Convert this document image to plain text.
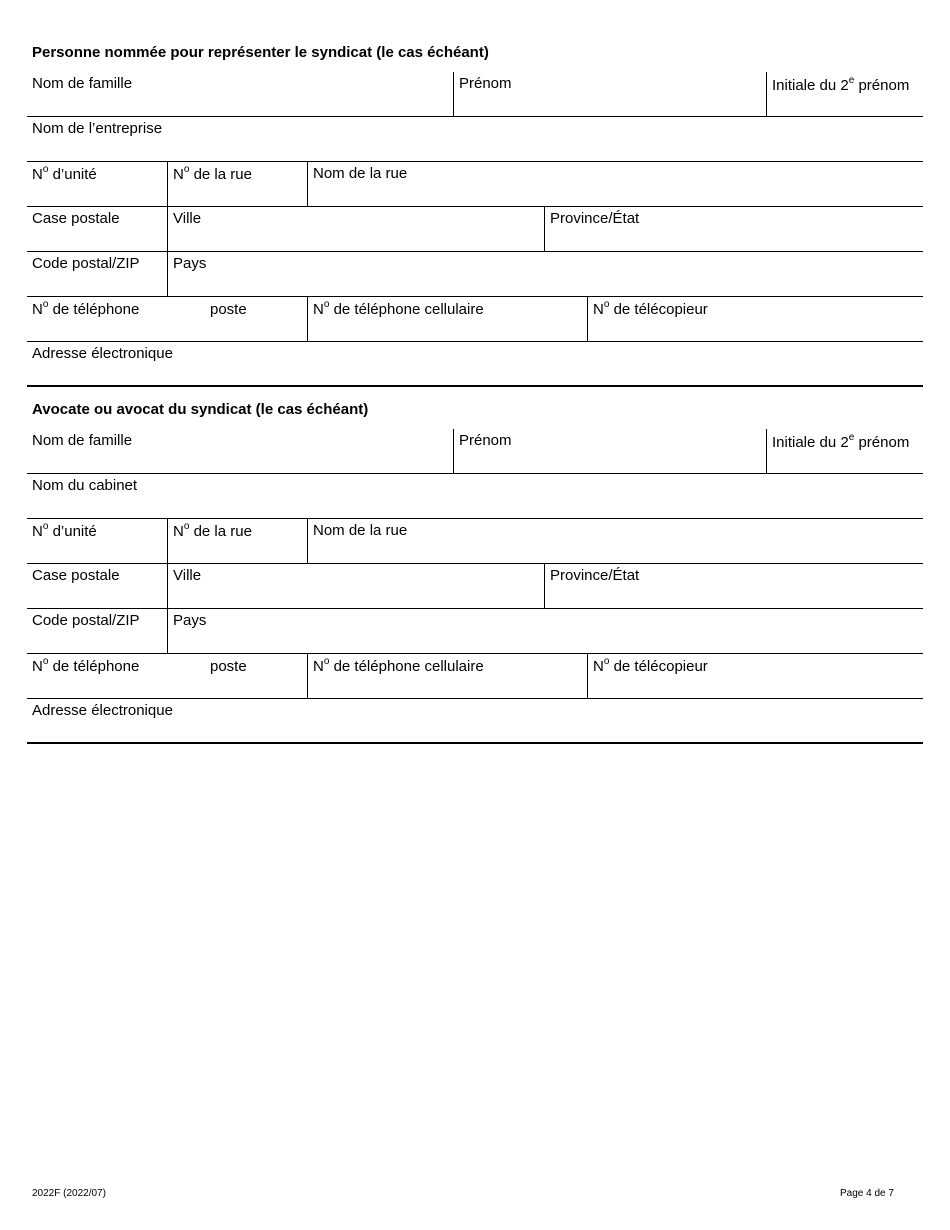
Personne nommée pour représenter le syndicat (le cas échéant)
Nom de famille	Prénom	Initiale du 2e prénom
Nom de l’entreprise
$N^o$ d’unité	$N^o$ de la rue	Nom de la rue
Case postale	Ville	Province/État
Code postal/ZIP	Pays
$N^o$ de téléphone	poste	$N^o$ de téléphone cellulaire	$N^o$ de télécopieur
Adresse électronique
Avocate ou avocat du syndicat (le cas échéant)
Nom de famille	Prénom	Initiale du 2e prénom
Nom du cabinet
$N^o$ d’unité	$N^o$ de la rue	Nom de la rue
Case postale	Ville	Province/État
Code postal/ZIP	Pays
$N^o$ de téléphone	poste	$N^o$ de téléphone cellulaire	$N^o$ de télécopieur
Adresse électronique
2022F (2022/07)	Page 4 de 7
